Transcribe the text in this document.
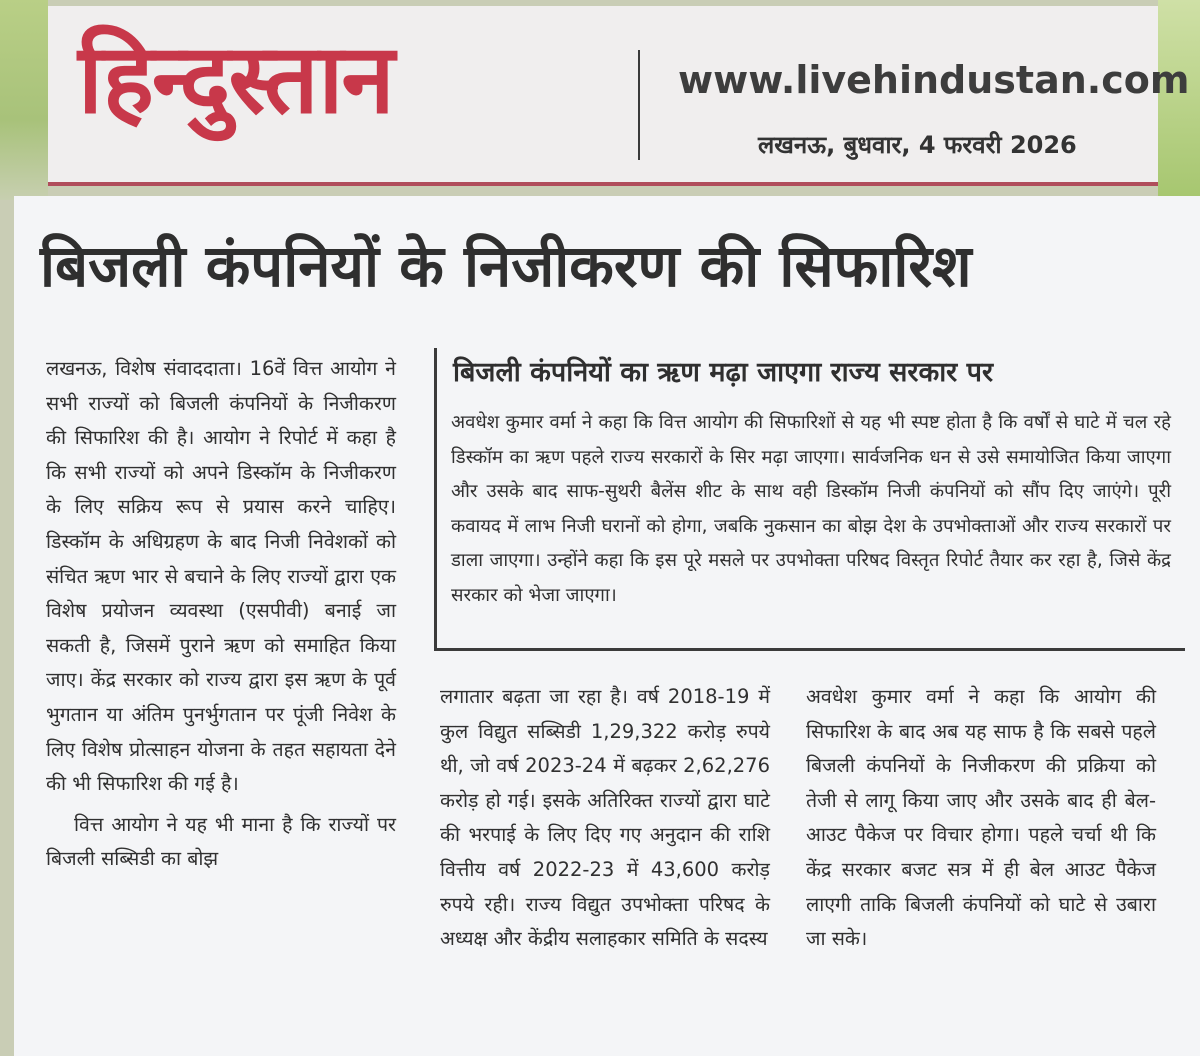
हिन्दुस्तान	www.livehindustan.com
लखनऊ, बुधवार, 4 फरवरी 2026
बिजली कंपनियों के निजीकरण की सिफारिश

लखनऊ, विशेष संवाददाता। 16वें वित्त आयोग ने सभी राज्यों को बिजली कंपनियों के निजीकरण की सिफारिश की है। आयोग ने रिपोर्ट में कहा है कि सभी राज्यों को अपने डिस्कॉम के निजीकरण के लिए सक्रिय रूप से प्रयास करने चाहिए। डिस्कॉम के अधिग्रहण के बाद निजी निवेशकों को संचित ऋण भार से बचाने के लिए राज्यों द्वारा एक विशेष प्रयोजन व्यवस्था (एसपीवी) बनाई जा सकती है, जिसमें पुराने ऋण को समाहित किया जाए। केंद्र सरकार को राज्य द्वारा इस ऋण के पूर्व भुगतान या अंतिम पुनर्भुगतान पर पूंजी निवेश के लिए विशेष प्रोत्साहन योजना के तहत सहायता देने की भी सिफारिश की गई है।

वित्त आयोग ने यह भी माना है कि राज्यों पर बिजली सब्सिडी का बोझ

बिजली कंपनियों का ऋण मढ़ा जाएगा राज्य सरकार पर
अवधेश कुमार वर्मा ने कहा कि वित्त आयोग की सिफारिशों से यह भी स्पष्ट होता है कि वर्षों से घाटे में चल रहे डिस्कॉम का ऋण पहले राज्य सरकारों के सिर मढ़ा जाएगा। सार्वजनिक धन से उसे समायोजित किया जाएगा और उसके बाद साफ-सुथरी बैलेंस शीट के साथ वही डिस्कॉम निजी कंपनियों को सौंप दिए जाएंगे। पूरी कवायद में लाभ निजी घरानों को होगा, जबकि नुकसान का बोझ देश के उपभोक्ताओं और राज्य सरकारों पर डाला जाएगा। उन्होंने कहा कि इस पूरे मसले पर उपभोक्ता परिषद विस्तृत रिपोर्ट तैयार कर रहा है, जिसे केंद्र सरकार को भेजा जाएगा।

लगातार बढ़ता जा रहा है। वर्ष 2018-19 में कुल विद्युत सब्सिडी 1,29,322 करोड़ रुपये थी, जो वर्ष 2023-24 में बढ़कर 2,62,276 करोड़ हो गई। इसके अतिरिक्त राज्यों द्वारा घाटे की भरपाई के लिए दिए गए अनुदान की राशि वित्तीय वर्ष 2022-23 में 43,600 करोड़ रुपये रही। राज्य विद्युत उपभोक्ता परिषद के अध्यक्ष और केंद्रीय सलाहकार समिति के सदस्य

अवधेश कुमार वर्मा ने कहा कि आयोग की सिफारिश के बाद अब यह साफ है कि सबसे पहले बिजली कंपनियों के निजीकरण की प्रक्रिया को तेजी से लागू किया जाए और उसके बाद ही बेल-आउट पैकेज पर विचार होगा। पहले चर्चा थी कि केंद्र सरकार बजट सत्र में ही बेल आउट पैकेज लाएगी ताकि बिजली कंपनियों को घाटे से उबारा जा सके।
